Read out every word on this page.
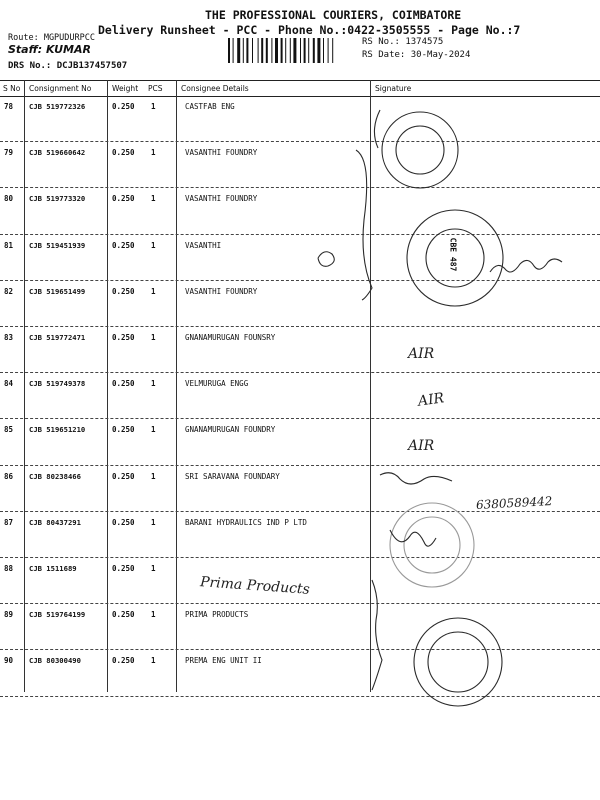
THE PROFESSIONAL COURIERS, COIMBATORE
Delivery Runsheet - PCC - Phone No.:0422-3505555 - Page No.:7
Route: MGPUDURPCC
Staff: KUMAR
DRS No.: DCJB137457507
RS No.: 1374575
RS Date: 30-May-2024
S No Consignment No	Weight PCS Consignee Details	Signature
78 CJB 519772326	0.250 1	CASTFAB ENG
79 CJB 519660642	0.250 1	VASANTHI FOUNDRY
80 CJB 519773320	0.250 1	VASANTHI FOUNDRY
81 CJB 519451939	0.250 1	VASANTHI
82 CJB 519651499	0.250 1	VASANTHI FOUNDRY
83 CJB 519772471	0.250 1	GNANAMURUGAN FOUNSRY
84 CJB 519749378	0.250 1	VELMURUGA ENGG
85 CJB 519651210	0.250 1	GNANAMURUGAN FOUNDRY
86 CJB 80238466	0.250 1	SRI SARAVANA FOUNDARY
87 CJB 80437291	0.250 1	BARANI HYDRAULICS IND P LTD
88 CJB 1511689	0.250 1
89 CJB 519764199	0.250 1	PRIMA PRODUCTS
90 CJB 80300490	0.250 1	PREMA ENG UNIT II
Prima Products
6380589442
AIR
AIR
AIR
CBE 487
